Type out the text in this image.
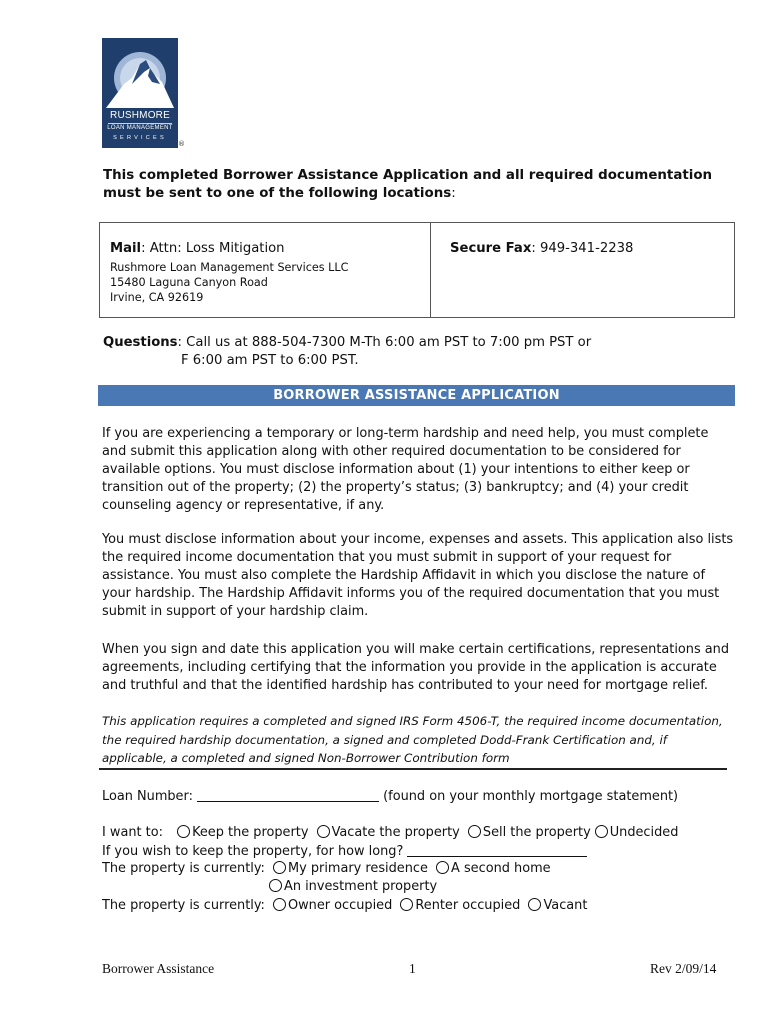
RUSHMORE
LOAN MANAGEMENT
SERVICES
®
This completed Borrower Assistance Application and all required documentation must be sent to one of the following locations:
Mail: Attn: Loss Mitigation
Rushmore Loan Management Services LLC
15480 Laguna Canyon Road
Irvine, CA 92619
Secure Fax: 949-341-2238
Questions: Call us at 888-504-7300 M-Th 6:00 am PST to 7:00 pm PST or
F 6:00 am PST to 6:00 PST.
BORROWER ASSISTANCE APPLICATION
If you are experiencing a temporary or long-term hardship and need help, you must complete and submit this application along with other required documentation to be considered for available options. You must disclose information about (1) your intentions to either keep or transition out of the property; (2) the property’s status; (3) bankruptcy; and (4) your credit counseling agency or representative, if any.
You must disclose information about your income, expenses and assets. This application also lists the required income documentation that you must submit in support of your request for assistance. You must also complete the Hardship Affidavit in which you disclose the nature of your hardship. The Hardship Affidavit informs you of the required documentation that you must submit in support of your hardship claim.
When you sign and date this application you will make certain certifications, representations and agreements, including certifying that the information you provide in the application is accurate and truthful and that the identified hardship has contributed to your need for mortgage relief.
This application requires a completed and signed IRS Form 4506-T, the required income documentation, the required hardship documentation, a signed and completed Dodd-Frank Certification and, if applicable, a completed and signed Non-Borrower Contribution form
Loan Number:	(found on your monthly mortgage statement)
I want to: Keep the property Vacate the property Sell the property Undecided
If you wish to keep the property, for how long?
The property is currently: My primary residence A second home
An investment property
The property is currently: Owner occupied Renter occupied Vacant
Borrower Assistance	1	Rev 2/09/14
